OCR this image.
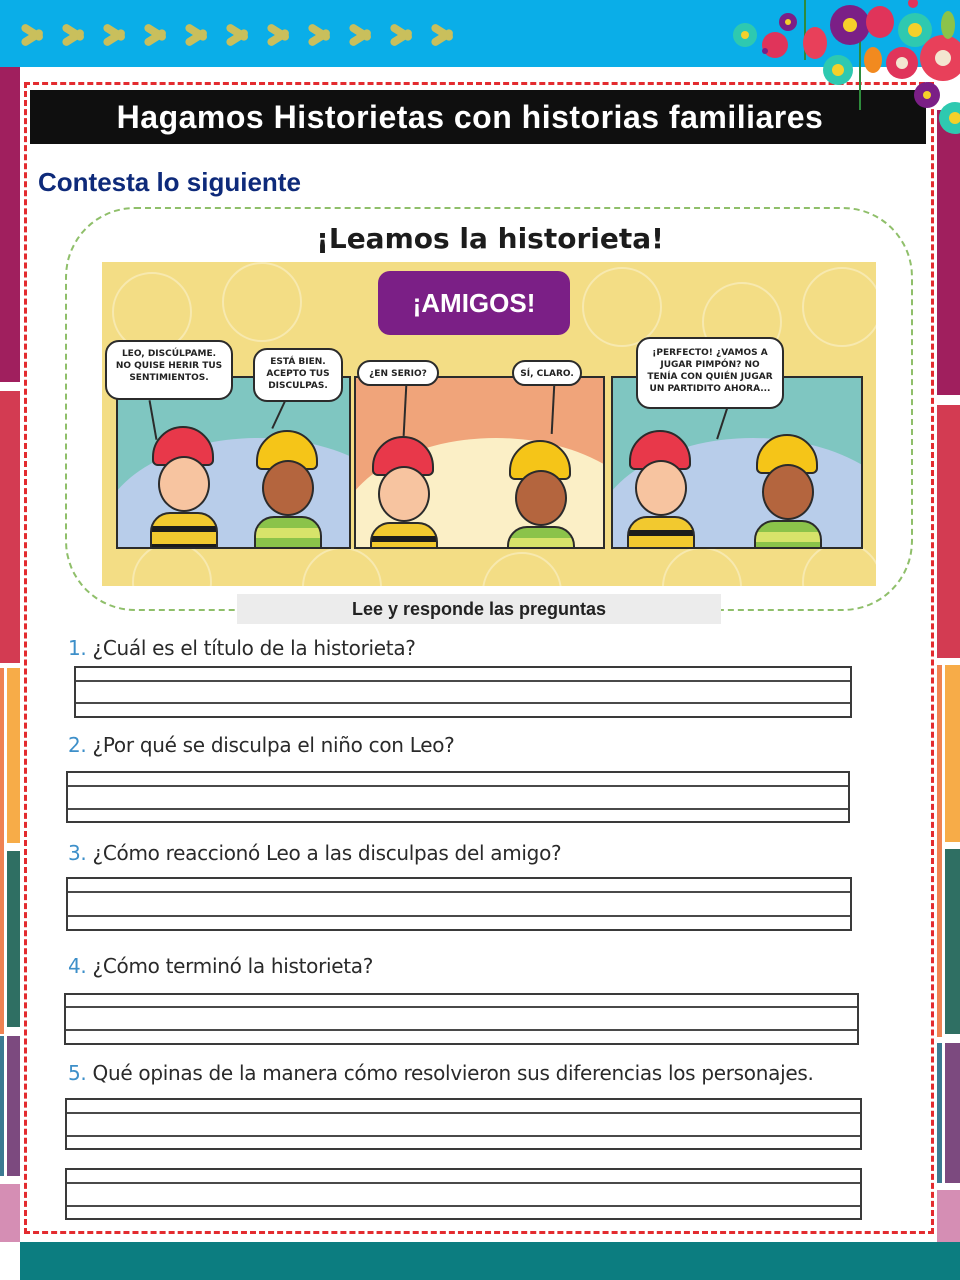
Hagamos Historietas con historias familiares
Contesta lo siguiente
¡Leamos la historieta!
¡AMIGOS!
LEO, DISCÚLPAME. NO QUISE HERIR TUS SENTIMIENTOS.
ESTÁ BIEN. ACEPTO TUS DISCULPAS.
¿EN SERIO?	SÍ, CLARO.
¡PERFECTO! ¿VAMOS A JUGAR PIMPÓN? NO TENÍA CON QUIÉN JUGAR UN PARTIDITO AHORA...
Lee y responde las preguntas
1. ¿Cuál es el título de la historieta?
2. ¿Por qué se disculpa el niño con Leo?
3. ¿Cómo reaccionó Leo a las disculpas del amigo?
4. ¿Cómo terminó la historieta?
5. Qué opinas de la manera cómo resolvieron sus diferencias los personajes.
